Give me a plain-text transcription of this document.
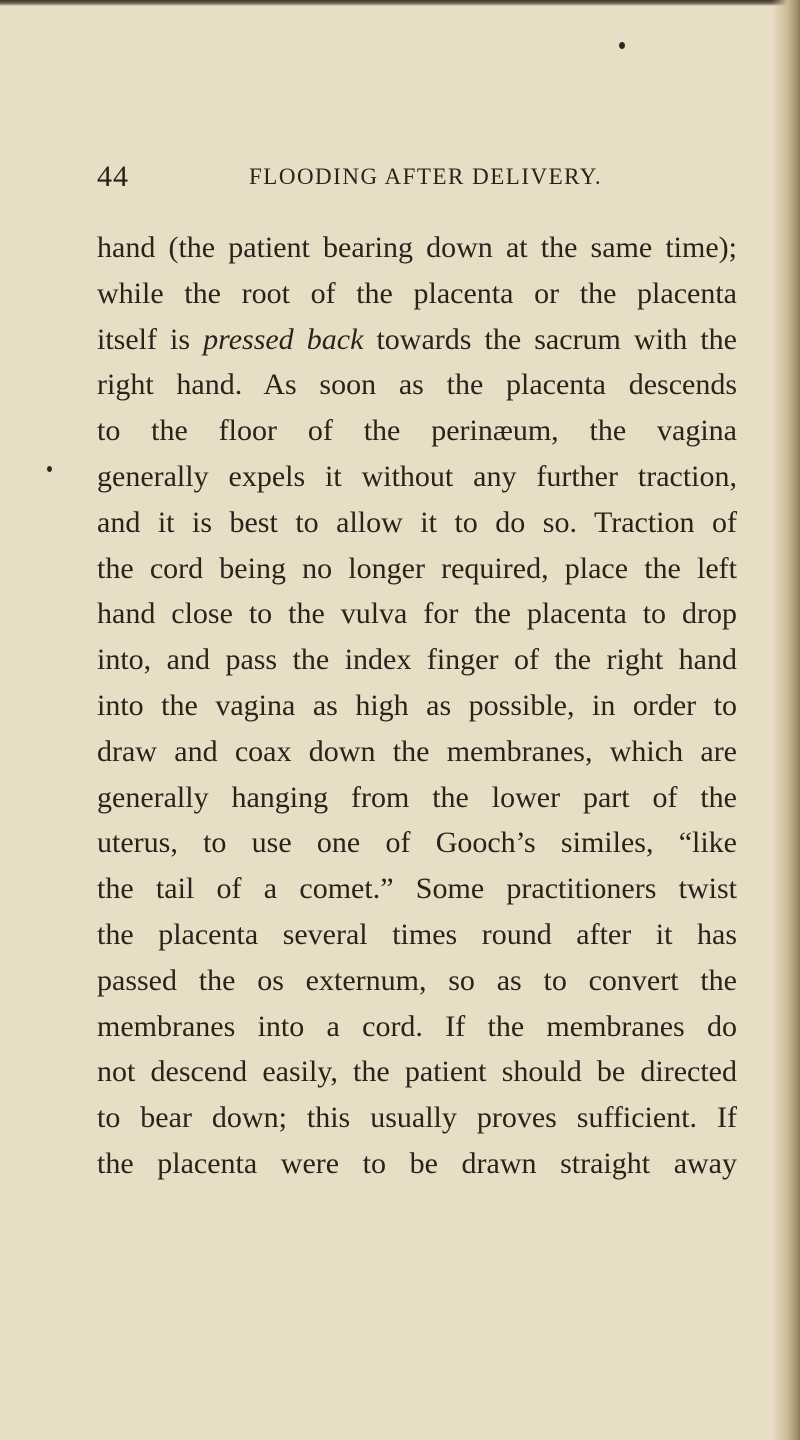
44	FLOODING AFTER DELIVERY.
hand (the patient bearing down at the same time);
while the root of the placenta or the placenta
itself is pressed back towards the sacrum with the
right hand. As soon as the placenta descends
to the floor of the perinæum, the vagina
generally expels it without any further traction,
and it is best to allow it to do so. Traction of
the cord being no longer required, place the left
hand close to the vulva for the placenta to drop
into, and pass the index finger of the right hand
into the vagina as high as possible, in order to
draw and coax down the membranes, which are
generally hanging from the lower part of the
uterus, to use one of Gooch’s similes, “like
the tail of a comet.” Some practitioners twist
the placenta several times round after it has
passed the os externum, so as to convert the
membranes into a cord. If the membranes do
not descend easily, the patient should be directed
to bear down; this usually proves sufficient. If
the placenta were to be drawn straight away
